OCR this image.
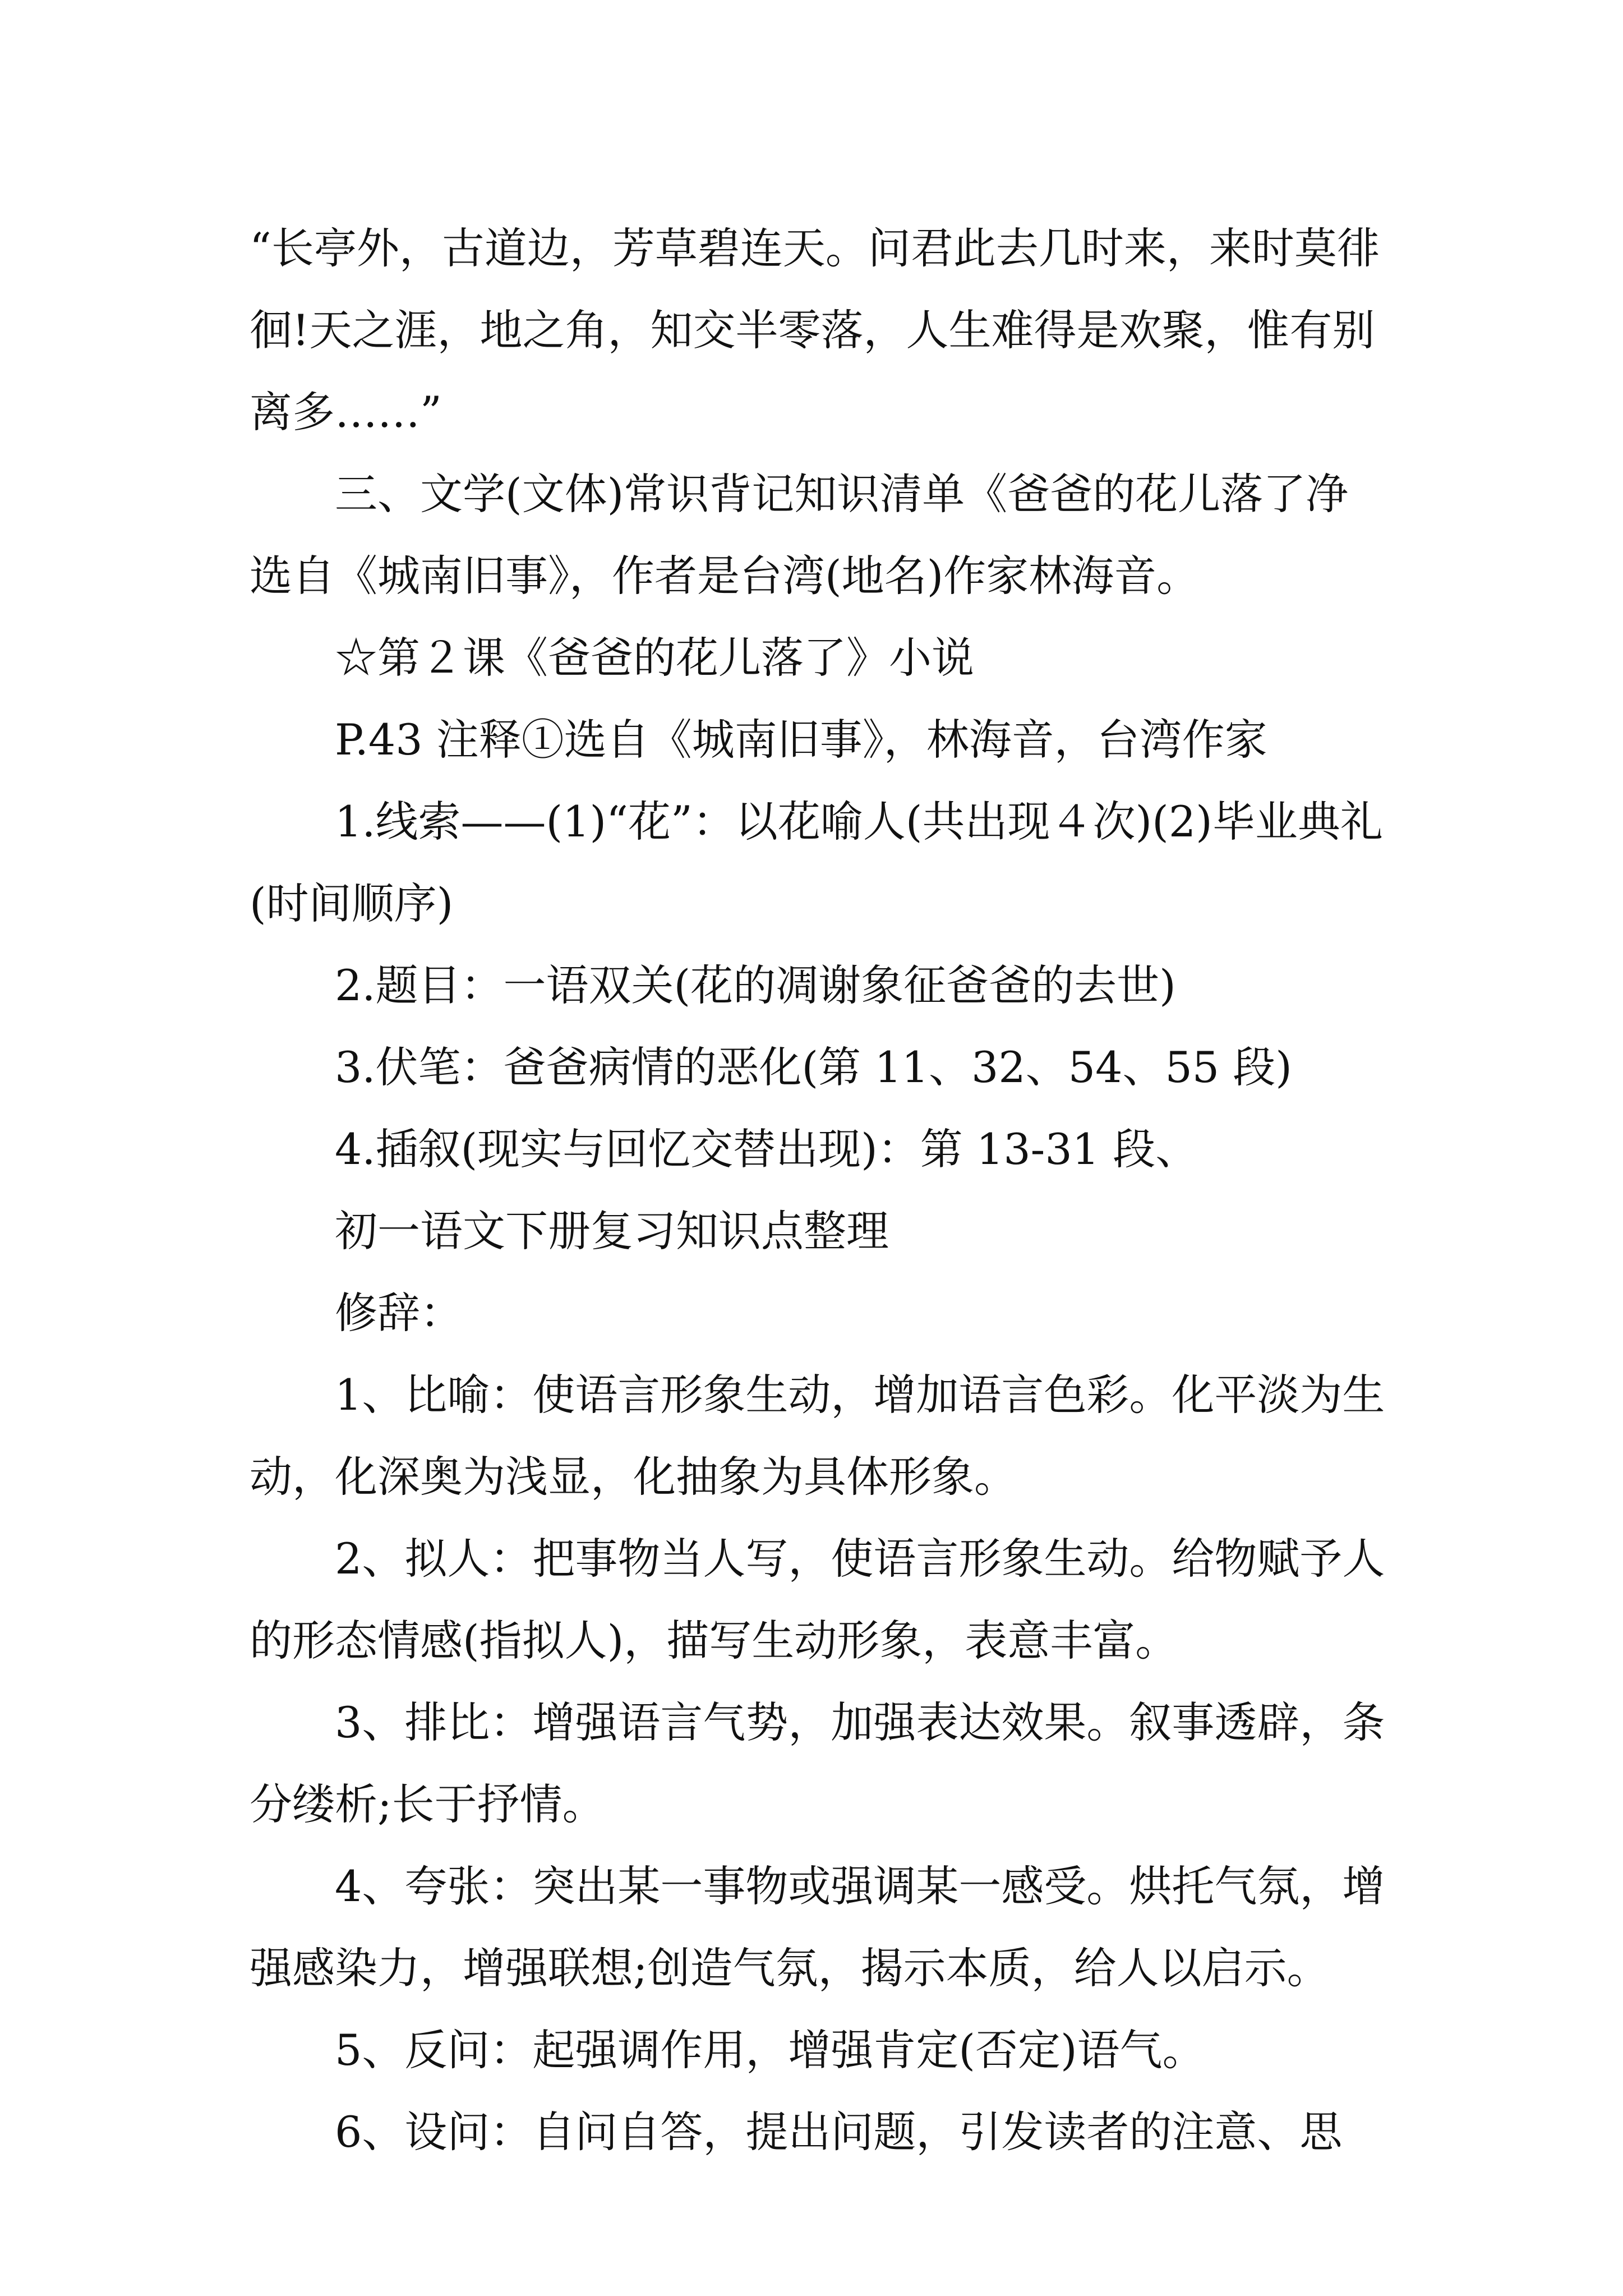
“长亭外，古道边，芳草碧连天。问君此去几时来，来时莫徘徊!天之涯，地之角，知交半零落，人生难得是欢聚，惟有别离多……”

三、文学(文体)常识背记知识清单《爸爸的花儿落了净选自《城南旧事》，作者是台湾(地名)作家林海音。

☆第２课《爸爸的花儿落了》小说

P.43 注释①选自《城南旧事》，林海音，台湾作家

1.线索——(1)“花”：以花喻人(共出现４次)(2)毕业典礼(时间顺序)

2.题目：一语双关(花的凋谢象征爸爸的去世)

3.伏笔：爸爸病情的恶化(第 11、32、54、55 段)

4.插叙(现实与回忆交替出现)：第 13-31 段、

初一语文下册复习知识点整理

修辞：

1、比喻：使语言形象生动，增加语言色彩。化平淡为生动，化深奥为浅显，化抽象为具体形象。

2、拟人：把事物当人写，使语言形象生动。给物赋予人的形态情感(指拟人)，描写生动形象，表意丰富。

3、排比：增强语言气势，加强表达效果。叙事透辟，条分缕析;长于抒情。

4、夸张：突出某一事物或强调某一感受。烘托气氛，增强感染力，增强联想;创造气氛，揭示本质，给人以启示。

5、反问：起强调作用，增强肯定(否定)语气。

6、设问：自问自答，提出问题，引发读者的注意、思
